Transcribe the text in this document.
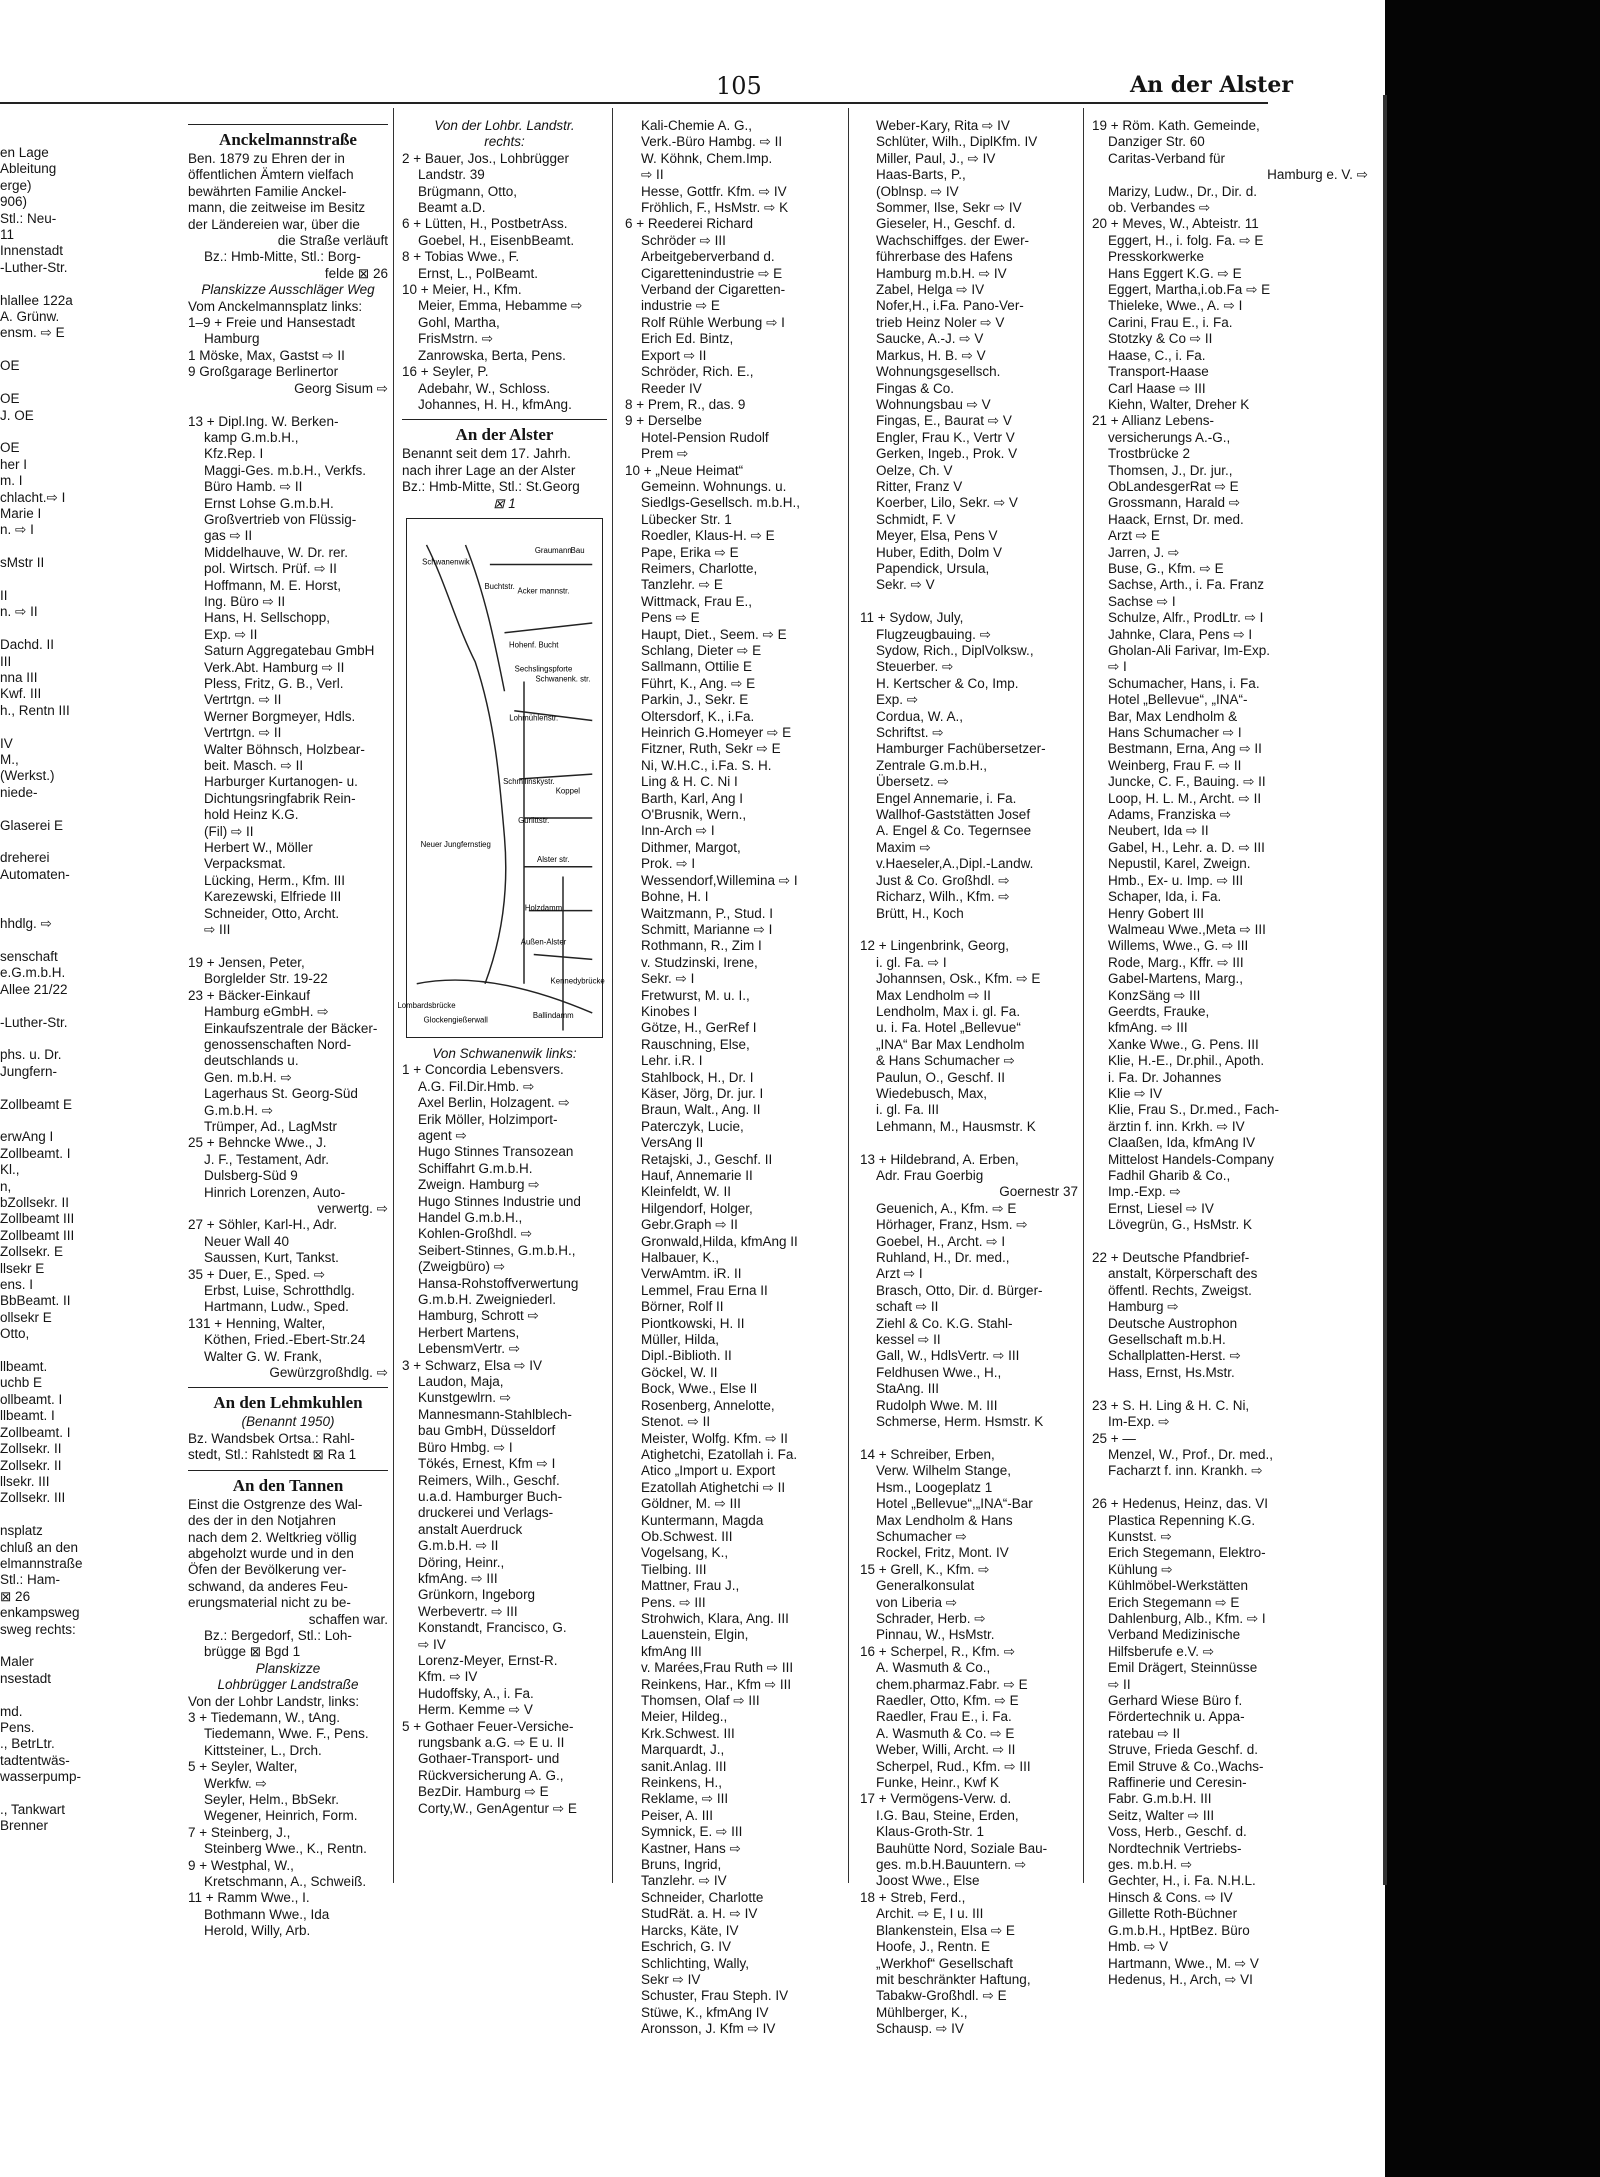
105	An der Alster
en Lage
Ableitung
erge)
906)
Stl.: Neu-
11
Innenstadt
-Luther-Str.

hlallee 122a
A. Grünw.
ensm. ⇨ E

OE

OE
J. OE

OE
her I
m. I
chlacht.⇨ I
Marie I
n. ⇨ I

sMstr II

II
n. ⇨ II

Dachd. II
III
nna III
Kwf. III
h., Rentn III

IV
M.,
(Werkst.)
niede-

Glaserei E

dreherei
Automaten-

hhdlg. ⇨

senschaft
e.G.m.b.H.
Allee 21/22

-Luther-Str.

phs. u. Dr.
Jungfern-

Zollbeamt E

erwAng I
Zollbeamt. I
Kl.,
n,
bZollsekr. II
Zollbeamt III
Zollbeamt III
Zollsekr. E
llsekr E
ens. I
BbBeamt. II
ollsekr E
Otto,

llbeamt.
uchb E
ollbeamt. I
llbeamt. I
Zollbeamt. I
Zollsekr. II
Zollsekr. II
llsekr. III
Zollsekr. III

nsplatz
chluß an den
elmannstraße
Stl.: Ham-
⊠ 26
enkampsweg
sweg rechts:

Maler
nsestadt

md.
Pens.
., BetrLtr.
tadtentwäs-
wasserpump-

., Tankwart
Brenner
Anckelmannstraße
Ben. 1879 zu Ehren der in
öffentlichen Ämtern vielfach
bewährten Familie Anckel-
mann, die zeitweise im Besitz
der Ländereien war, über die
die Straße verläuft
Bz.: Hmb-Mitte, Stl.: Borg-
felde ⊠ 26
Planskizze Ausschläger Weg
Vom Anckelmannsplatz links:
1–9 + Freie und Hansestadt
Hamburg
1 Möske, Max, Gastst ⇨ II
9 Großgarage Berlinertor
Georg Sisum ⇨

13 + Dipl.Ing. W. Berken-
kamp G.m.b.H.,
Kfz.Rep. I
Maggi-Ges. m.b.H., Verkfs.
Büro Hamb. ⇨ II
Ernst Lohse G.m.b.H.
Großvertrieb von Flüssig-
gas ⇨ II
Middelhauve, W. Dr. rer.
pol. Wirtsch. Prüf. ⇨ II
Hoffmann, M. E. Horst,
Ing. Büro ⇨ II
Hans, H. Sellschopp,
Exp. ⇨ II
Saturn Aggregatebau GmbH
Verk.Abt. Hamburg ⇨ II
Pless, Fritz, G. B., Verl.
Vertrtgn. ⇨ II
Werner Borgmeyer, Hdls.
Vertrtgn. ⇨ II
Walter Böhnsch, Holzbear-
beit. Masch. ⇨ II
Harburger Kurtanogen- u.
Dichtungsringfabrik Rein-
hold Heinz K.G.
(Fil) ⇨ II
Herbert W., Möller
Verpacksmat.
Lücking, Herm., Kfm. III
Karezewski, Elfriede III
Schneider, Otto, Archt.
⇨ III

19 + Jensen, Peter,
Borglelder Str. 19-22
23 + Bäcker-Einkauf
Hamburg eGmbH. ⇨
Einkaufszentrale der Bäcker-
genossenschaften Nord-
deutschlands u.
Gen. m.b.H. ⇨
Lagerhaus St. Georg-Süd
G.m.b.H. ⇨
Trümper, Ad., LagMstr
25 + Behncke Wwe., J.
J. F., Testament, Adr.
Dulsberg-Süd 9
Hinrich Lorenzen, Auto-
verwertg. ⇨
27 + Söhler, Karl-H., Adr.
Neuer Wall 40
Saussen, Kurt, Tankst.
35 + Duer, E., Sped. ⇨
Erbst, Luise, Schrotthdlg.
Hartmann, Ludw., Sped.
131 + Henning, Walter,
Köthen, Fried.-Ebert-Str.24
Walter G. W. Frank,
Gewürzgroßhdlg. ⇨
An den Lehmkuhlen
(Benannt 1950)
Bz. Wandsbek Ortsa.: Rahl-
stedt, Stl.: Rahlstedt ⊠ Ra 1
An den Tannen
Einst die Ostgrenze des Wal-
des der in den Notjahren
nach dem 2. Weltkrieg völlig
abgeholzt wurde und in den
Öfen der Bevölkerung ver-
schwand, da anderes Feu-
erungsmaterial nicht zu be-
schaffen war.
Bz.: Bergedorf, Stl.: Loh-
brügge ⊠ Bgd 1
Planskizze
Lohbrügger Landstraße
Von der Lohbr Landstr, links:
3 + Tiedemann, W., tAng.
Tiedemann, Wwe. F., Pens.
Kittsteiner, L., Drch.
5 + Seyler, Walter,
Werkfw. ⇨
Seyler, Helm., BbSekr.
Wegener, Heinrich, Form.
7 + Steinberg, J.,
Steinberg Wwe., K., Rentn.
9 + Westphal, W.,
Kretschmann, A., Schweiß.
11 + Ramm Wwe., I.
Bothmann Wwe., Ida
Herold, Willy, Arb.
Von der Lohbr. Landstr.
rechts:
2 + Bauer, Jos., Lohbrügger
Landstr. 39
Brügmann, Otto,
Beamt a.D.
6 + Lütten, H., PostbetrAss.
Goebel, H., EisenbBeamt.
8 + Tobias Wwe., F.
Ernst, L., PolBeamt.
10 + Meier, H., Kfm.
Meier, Emma, Hebamme ⇨
Gohl, Martha,
FrisMstrn. ⇨
Zanrowska, Berta, Pens.
16 + Seyler, P.
Adebahr, W., Schloss.
Johannes, H. H., kfmAng.
An der Alster
Benannt seit dem 17. Jahrh.
nach ihrer Lage an der Alster
Bz.: Hmb-Mitte, Stl.: St.Georg
⊠ 1
Schwanenwik
Buchtstr.
Graumann Bau
Acker mannstr.
Hohenf. Bucht
Sechslingspforte
Schwanenk. str.
Lohmühlenstr.
Schmilinskystr.
Koppel
Gurlittstr.
Alster str.
Holzdamm
Außen-Alster
Neuer Jungfernstieg
Lombardsbrücke
Glockengießerwall
Ballindamm
Kennedybrücke
Von Schwanenwik links:
1 + Concordia Lebensvers.
A.G. Fil.Dir.Hmb. ⇨
Axel Berlin, Holzagent. ⇨
Erik Möller, Holzimport-
agent ⇨
Hugo Stinnes Transozean
Schiffahrt G.m.b.H.
Zweign. Hamburg ⇨
Hugo Stinnes Industrie und
Handel G.m.b.H.,
Kohlen-Großhdl. ⇨
Seibert-Stinnes, G.m.b.H.,
(Zweigbüro) ⇨
Hansa-Rohstoffverwertung
G.m.b.H. Zweigniederl.
Hamburg, Schrott ⇨
Herbert Martens,
LebensmVertr. ⇨
3 + Schwarz, Elsa ⇨ IV
Laudon, Maja,
Kunstgewlrn. ⇨
Mannesmann-Stahlblech-
bau GmbH, Düsseldorf
Büro Hmbg. ⇨ I
Tökés, Ernest, Kfm ⇨ I
Reimers, Wilh., Geschf.
u.a.d. Hamburger Buch-
druckerei und Verlags-
anstalt Auerdruck
G.m.b.H. ⇨ II
Döring, Heinr.,
kfmAng. ⇨ III
Grünkorn, Ingeborg
Werbevertr. ⇨ III
Konstandt, Francisco, G.
⇨ IV
Lorenz-Meyer, Ernst-R.
Kfm. ⇨ IV
Hudoffsky, A., i. Fa.
Herm. Kemme ⇨ V
5 + Gothaer Feuer-Versiche-
rungsbank a.G. ⇨ E u. II
Gothaer-Transport- und
Rückversicherung A. G.,
BezDir. Hamburg ⇨ E
Corty,W., GenAgentur ⇨ E
Kali-Chemie A. G.,
Verk.-Büro Hambg. ⇨ II
W. Köhnk, Chem.Imp.
⇨ II
Hesse, Gottfr. Kfm. ⇨ IV
Fröhlich, F., HsMstr. ⇨ K
6 + Reederei Richard
Schröder ⇨ III
Arbeitgeberverband d.
Cigarettenindustrie ⇨ E
Verband der Cigaretten-
industrie ⇨ E
Rolf Rühle Werbung ⇨ I
Erich Ed. Bintz,
Export ⇨ II
Schröder, Rich. E.,
Reeder IV
8 + Prem, R., das. 9
9 + Derselbe
Hotel-Pension Rudolf
Prem ⇨
10 + „Neue Heimat“
Gemeinn. Wohnungs. u.
Siedlgs-Gesellsch. m.b.H.,
Lübecker Str. 1
Roedler, Klaus-H. ⇨ E
Pape, Erika ⇨ E
Reimers, Charlotte,
Tanzlehr. ⇨ E
Wittmack, Frau E.,
Pens ⇨ E
Haupt, Diet., Seem. ⇨ E
Schlang, Dieter ⇨ E
Sallmann, Ottilie E
Führt, K., Ang. ⇨ E
Parkin, J., Sekr. E
Oltersdorf, K., i.Fa.
Heinrich G.Homeyer ⇨ E
Fitzner, Ruth, Sekr ⇨ E
Ni, W.H.C., i.Fa. S. H.
Ling & H. C. Ni I
Barth, Karl, Ang I
O'Brusnik, Wern.,
Inn-Arch ⇨ I
Dithmer, Margot,
Prok. ⇨ I
Wessendorf,Willemina ⇨ I
Bohne, H. I
Waitzmann, P., Stud. I
Schmitt, Marianne ⇨ I
Rothmann, R., Zim I
v. Studzinski, Irene,
Sekr. ⇨ I
Fretwurst, M. u. I.,
Kinobes I
Götze, H., GerRef I
Rauschning, Else,
Lehr. i.R. I
Stahlbock, H., Dr. I
Käser, Jörg, Dr. jur. I
Braun, Walt., Ang. II
Paterczyk, Lucie,
VersAng II
Retajski, J., Geschf. II
Hauf, Annemarie II
Kleinfeldt, W. II
Hilgendorf, Holger,
Gebr.Graph ⇨ II
Gronwald,Hilda, kfmAng II
Halbauer, K.,
VerwAmtm. iR. II
Lemmel, Frau Erna II
Börner, Rolf II
Piontkowski, H. II
Müller, Hilda,
Dipl.-Biblioth. II
Göckel, W. II
Bock, Wwe., Else II
Rosenberg, Annelotte,
Stenot. ⇨ II
Meister, Wolfg. Kfm. ⇨ II
Atighetchi, Ezatollah i. Fa.
Atico „Import u. Export
Ezatollah Atighetchi ⇨ II
Göldner, M. ⇨ III
Kuntermann, Magda
Ob.Schwest. III
Vogelsang, K.,
Tielbing. III
Mattner, Frau J.,
Pens. ⇨ III
Strohwich, Klara, Ang. III
Lauenstein, Elgin,
kfmAng III
v. Marées,Frau Ruth ⇨ III
Reinkens, Har., Kfm ⇨ III
Thomsen, Olaf ⇨ III
Meier, Hildeg.,
Krk.Schwest. III
Marquardt, J.,
sanit.Anlag. III
Reinkens, H.,
Reklame, ⇨ III
Peiser, A. III
Symnick, E. ⇨ III
Kastner, Hans ⇨
Bruns, Ingrid,
Tanzlehr. ⇨ IV
Schneider, Charlotte
StudRät. a. H. ⇨ IV
Harcks, Käte, IV
Eschrich, G. IV
Schlichting, Wally,
Sekr ⇨ IV
Schuster, Frau Steph. IV
Stüwe, K., kfmAng IV
Aronsson, J. Kfm ⇨ IV
Weber-Kary, Rita ⇨ IV
Schlüter, Wilh., DiplKfm. IV
Miller, Paul, J., ⇨ IV
Haas-Barts, P.,
(Oblnsp. ⇨ IV
Sommer, Ilse, Sekr ⇨ IV
Gieseler, H., Geschf. d.
Wachschiffges. der Ewer-
führerbase des Hafens
Hamburg m.b.H. ⇨ IV
Zabel, Helga ⇨ IV
Nofer,H., i.Fa. Pano-Ver-
trieb Heinz Noler ⇨ V
Saucke, A.-J. ⇨ V
Markus, H. B. ⇨ V
Wohnungsgesellsch.
Fingas & Co.
Wohnungsbau ⇨ V
Fingas, E., Baurat ⇨ V
Engler, Frau K., Vertr V
Gerken, Ingeb., Prok. V
Oelze, Ch. V
Ritter, Franz V
Koerber, Lilo, Sekr. ⇨ V
Schmidt, F. V
Meyer, Elsa, Pens V
Huber, Edith, Dolm V
Papendick, Ursula,
Sekr. ⇨ V

11 + Sydow, July,
Flugzeugbauing. ⇨
Sydow, Rich., DiplVolksw.,
Steuerber. ⇨
H. Kertscher & Co, Imp.
Exp. ⇨
Cordua, W. A.,
Schriftst. ⇨
Hamburger Fachübersetzer-
Zentrale G.m.b.H.,
Übersetz. ⇨
Engel Annemarie, i. Fa.
Wallhof-Gaststätten Josef
A. Engel & Co. Tegernsee
Maxim ⇨
v.Haeseler,A.,Dipl.-Landw.
Just & Co. Großhdl. ⇨
Richarz, Wilh., Kfm. ⇨
Brütt, H., Koch

12 + Lingenbrink, Georg,
i. gl. Fa. ⇨ I
Johannsen, Osk., Kfm. ⇨ E
Max Lendholm ⇨ II
Lendholm, Max i. gl. Fa.
u. i. Fa. Hotel „Bellevue“
„INA“ Bar Max Lendholm
& Hans Schumacher ⇨
Paulun, O., Geschf. II
Wiedebusch, Max,
i. gl. Fa. III
Lehmann, M., Hausmstr. K

13 + Hildebrand, A. Erben,
Adr. Frau Goerbig
Goernestr 37
Geuenich, A., Kfm. ⇨ E
Hörhager, Franz, Hsm. ⇨
Goebel, H., Archt. ⇨ I
Ruhland, H., Dr. med.,
Arzt ⇨ I
Brasch, Otto, Dir. d. Bürger-
schaft ⇨ II
Ziehl & Co. K.G. Stahl-
kessel ⇨ II
Gall, W., HdlsVertr. ⇨ III
Feldhusen Wwe., H.,
StaAng. III
Rudolph Wwe. M. III
Schmerse, Herm. Hsmstr. K

14 + Schreiber, Erben,
Verw. Wilhelm Stange,
Hsm., Loogeplatz 1
Hotel „Bellevue“,„INA“-Bar
Max Lendholm & Hans
Schumacher ⇨
Rockel, Fritz, Mont. IV
15 + Grell, K., Kfm. ⇨
Generalkonsulat
von Liberia ⇨
Schrader, Herb. ⇨
Pinnau, W., HsMstr.
16 + Scherpel, R., Kfm. ⇨
A. Wasmuth & Co.,
chem.pharmaz.Fabr. ⇨ E
Raedler, Otto, Kfm. ⇨ E
Raedler, Frau E., i. Fa.
A. Wasmuth & Co. ⇨ E
Weber, Willi, Archt. ⇨ II
Scherpel, Rud., Kfm. ⇨ III
Funke, Heinr., Kwf K
17 + Vermögens-Verw. d.
I.G. Bau, Steine, Erden,
Klaus-Groth-Str. 1
Bauhütte Nord, Soziale Bau-
ges. m.b.H.Bauuntern. ⇨
Joost Wwe., Else
18 + Streb, Ferd.,
Archit. ⇨ E, I u. III
Blankenstein, Elsa ⇨ E
Hoofe, J., Rentn. E
„Werkhof“ Gesellschaft
mit beschränkter Haftung,
Tabakw-Großhdl. ⇨ E
Mühlberger, K.,
Schausp. ⇨ IV
19 + Röm. Kath. Gemeinde,
Danziger Str. 60
Caritas-Verband für
Hamburg e. V. ⇨
Marizy, Ludw., Dr., Dir. d.
ob. Verbandes ⇨
20 + Meves, W., Abteistr. 11
Eggert, H., i. folg. Fa. ⇨ E
Presskorkwerke
Hans Eggert K.G. ⇨ E
Eggert, Martha,i.ob.Fa ⇨ E
Thieleke, Wwe., A. ⇨ I
Carini, Frau E., i. Fa.
Stotzky & Co ⇨ II
Haase, C., i. Fa.
Transport-Haase
Carl Haase ⇨ III
Kiehn, Walter, Dreher K
21 + Allianz Lebens-
versicherungs A.-G.,
Trostbrücke 2
Thomsen, J., Dr. jur.,
ObLandesgerRat ⇨ E
Grossmann, Harald ⇨
Haack, Ernst, Dr. med.
Arzt ⇨ E
Jarren, J. ⇨
Buse, G., Kfm. ⇨ E
Sachse, Arth., i. Fa. Franz
Sachse ⇨ I
Schulze, Alfr., ProdLtr. ⇨ I
Jahnke, Clara, Pens ⇨ I
Gholan-Ali Farivar, Im-Exp.
⇨ I
Schumacher, Hans, i. Fa.
Hotel „Bellevue“, „INA“-
Bar, Max Lendholm &
Hans Schumacher ⇨ I
Bestmann, Erna, Ang ⇨ II
Weinberg, Frau F. ⇨ II
Juncke, C. F., Bauing. ⇨ II
Loop, H. L. M., Archt. ⇨ II
Adams, Franziska ⇨
Neubert, Ida ⇨ II
Gabel, H., Lehr. a. D. ⇨ III
Nepustil, Karel, Zweign.
Hmb., Ex- u. Imp. ⇨ III
Schaper, Ida, i. Fa.
Henry Gobert III
Walmeau Wwe.,Meta ⇨ III
Willems, Wwe., G. ⇨ III
Rode, Marg., Kffr. ⇨ III
Gabel-Martens, Marg.,
KonzSäng ⇨ III
Geerdts, Frauke,
kfmAng. ⇨ III
Xanke Wwe., G. Pens. III
Klie, H.-E., Dr.phil., Apoth.
i. Fa. Dr. Johannes
Klie ⇨ IV
Klie, Frau S., Dr.med., Fach-
ärztin f. inn. Krkh. ⇨ IV
Claaßen, Ida, kfmAng IV
Mittelost Handels-Company
Fadhil Gharib & Co.,
Imp.-Exp. ⇨
Ernst, Liesel ⇨ IV
Lövegrün, G., HsMstr. K

22 + Deutsche Pfandbrief-
anstalt, Körperschaft des
öffentl. Rechts, Zweigst.
Hamburg ⇨
Deutsche Austrophon
Gesellschaft m.b.H.
Schallplatten-Herst. ⇨
Hass, Ernst, Hs.Mstr.

23 + S. H. Ling & H. C. Ni,
Im-Exp. ⇨
25 + —
Menzel, W., Prof., Dr. med.,
Facharzt f. inn. Krankh. ⇨

26 + Hedenus, Heinz, das. VI
Plastica Repenning K.G.
Kunstst. ⇨
Erich Stegemann, Elektro-
Kühlung ⇨
Kühlmöbel-Werkstätten
Erich Stegemann ⇨ E
Dahlenburg, Alb., Kfm. ⇨ I
Verband Medizinische
Hilfsberufe e.V. ⇨
Emil Drägert, Steinnüsse
⇨ II
Gerhard Wiese Büro f.
Fördertechnik u. Appa-
ratebau ⇨ II
Struve, Frieda Geschf. d.
Emil Struve & Co.,Wachs-
Raffinerie und Ceresin-
Fabr. G.m.b.H. III
Seitz, Walter ⇨ III
Voss, Herb., Geschf. d.
Nordtechnik Vertriebs-
ges. m.b.H. ⇨
Gechter, H., i. Fa. N.H.L.
Hinsch & Cons. ⇨ IV
Gillette Roth-Büchner
G.m.b.H., HptBez. Büro
Hmb. ⇨ V
Hartmann, Wwe., M. ⇨ V
Hedenus, H., Arch, ⇨ VI
